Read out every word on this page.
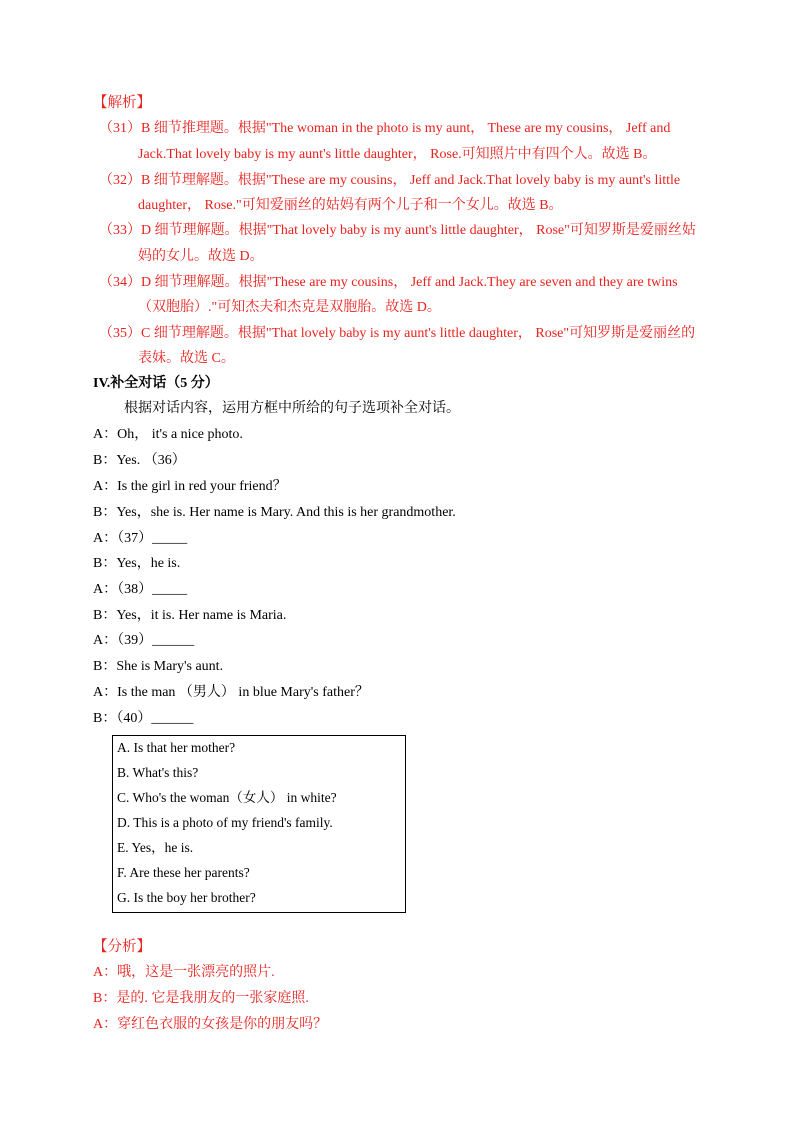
【解析】
（31）B 细节推理题。根据"The woman in the photo is my aunt， These are my cousins， Jeff and
Jack.That lovely baby is my aunt's little daughter， Rose.可知照片中有四个人。故选 B。
（32）B 细节理解题。根据"These are my cousins， Jeff and Jack.That lovely baby is my aunt's little
daughter， Rose."可知爱丽丝的姑妈有两个儿子和一个女儿。故选 B。
（33）D 细节理解题。根据"That lovely baby is my aunt's little daughter， Rose"可知罗斯是爱丽丝姑
妈的女儿。故选 D。
（34）D 细节理解题。根据"These are my cousins， Jeff and Jack.They are seven and they are twins
（双胞胎）."可知杰夫和杰克是双胞胎。故选 D。
（35）C 细节理解题。根据"That lovely baby is my aunt's little daughter， Rose"可知罗斯是爱丽丝的
表妹。故选 C。
IV.补全对话（5 分）
根据对话内容，运用方框中所给的句子选项补全对话。
A：Oh， it's a nice photo.
B：Yes. （36）
A：Is the girl in red your friend？
B：Yes，she is. Her name is Mary. And this is her grandmother.
A：（37）_____
B：Yes，he is.
A：（38）_____
B：Yes，it is. Her name is Maria.
A：（39）______
B：She is Mary's aunt.
A：Is the man （男人） in blue Mary's father？
B：（40）______
A. Is that her mother?
B. What's this?
C. Who's the woman（女人） in white?
D. This is a photo of my friend's family.
E. Yes，he is.
F. Are these her parents?
G. Is the boy her brother?
【分析】
A：哦，这是一张漂亮的照片.
B：是的. 它是我朋友的一张家庭照.
A：穿红色衣服的女孩是你的朋友吗？
